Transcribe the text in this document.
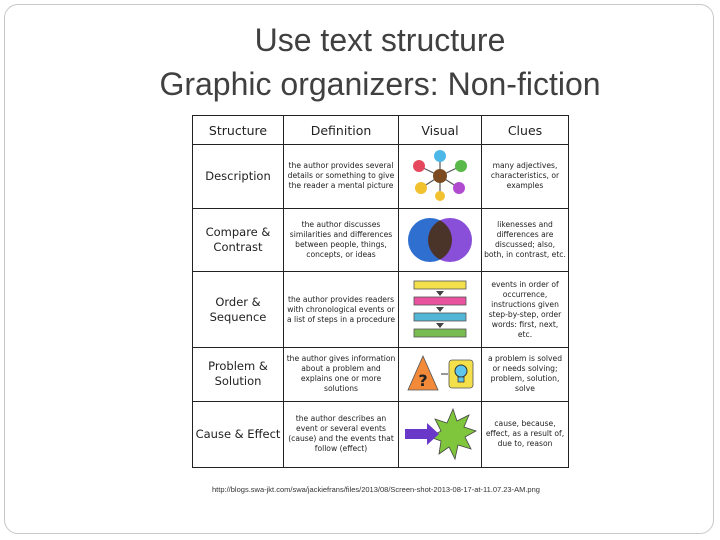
Use text structure
Graphic organizers: Non-fiction
Structure	Definition	Visual	Clues
Description	the author provides several details or something to give the reader a mental picture		many adjectives, characteristics, or examples
Compare & Contrast	the author discusses similarities and differences between people, things, concepts, or ideas		likenesses and differences are discussed; also, both, in contrast, etc.
Order & Sequence	the author provides readers with chronological events or a list of steps in a procedure		events in order of occurrence, instructions given step-by-step, order words: first, next, etc.
Problem & Solution	the author gives information about a problem and explains one or more solutions	?	a problem is solved or needs solving; problem, solution, solve
Cause & Effect	the author describes an event or several events (cause) and the events that follow (effect)		cause, because, effect, as a result of, due to, reason
http://blogs.swa-jkt.com/swa/jackiefrans/files/2013/08/Screen-shot-2013-08-17-at-11.07.23-AM.png
